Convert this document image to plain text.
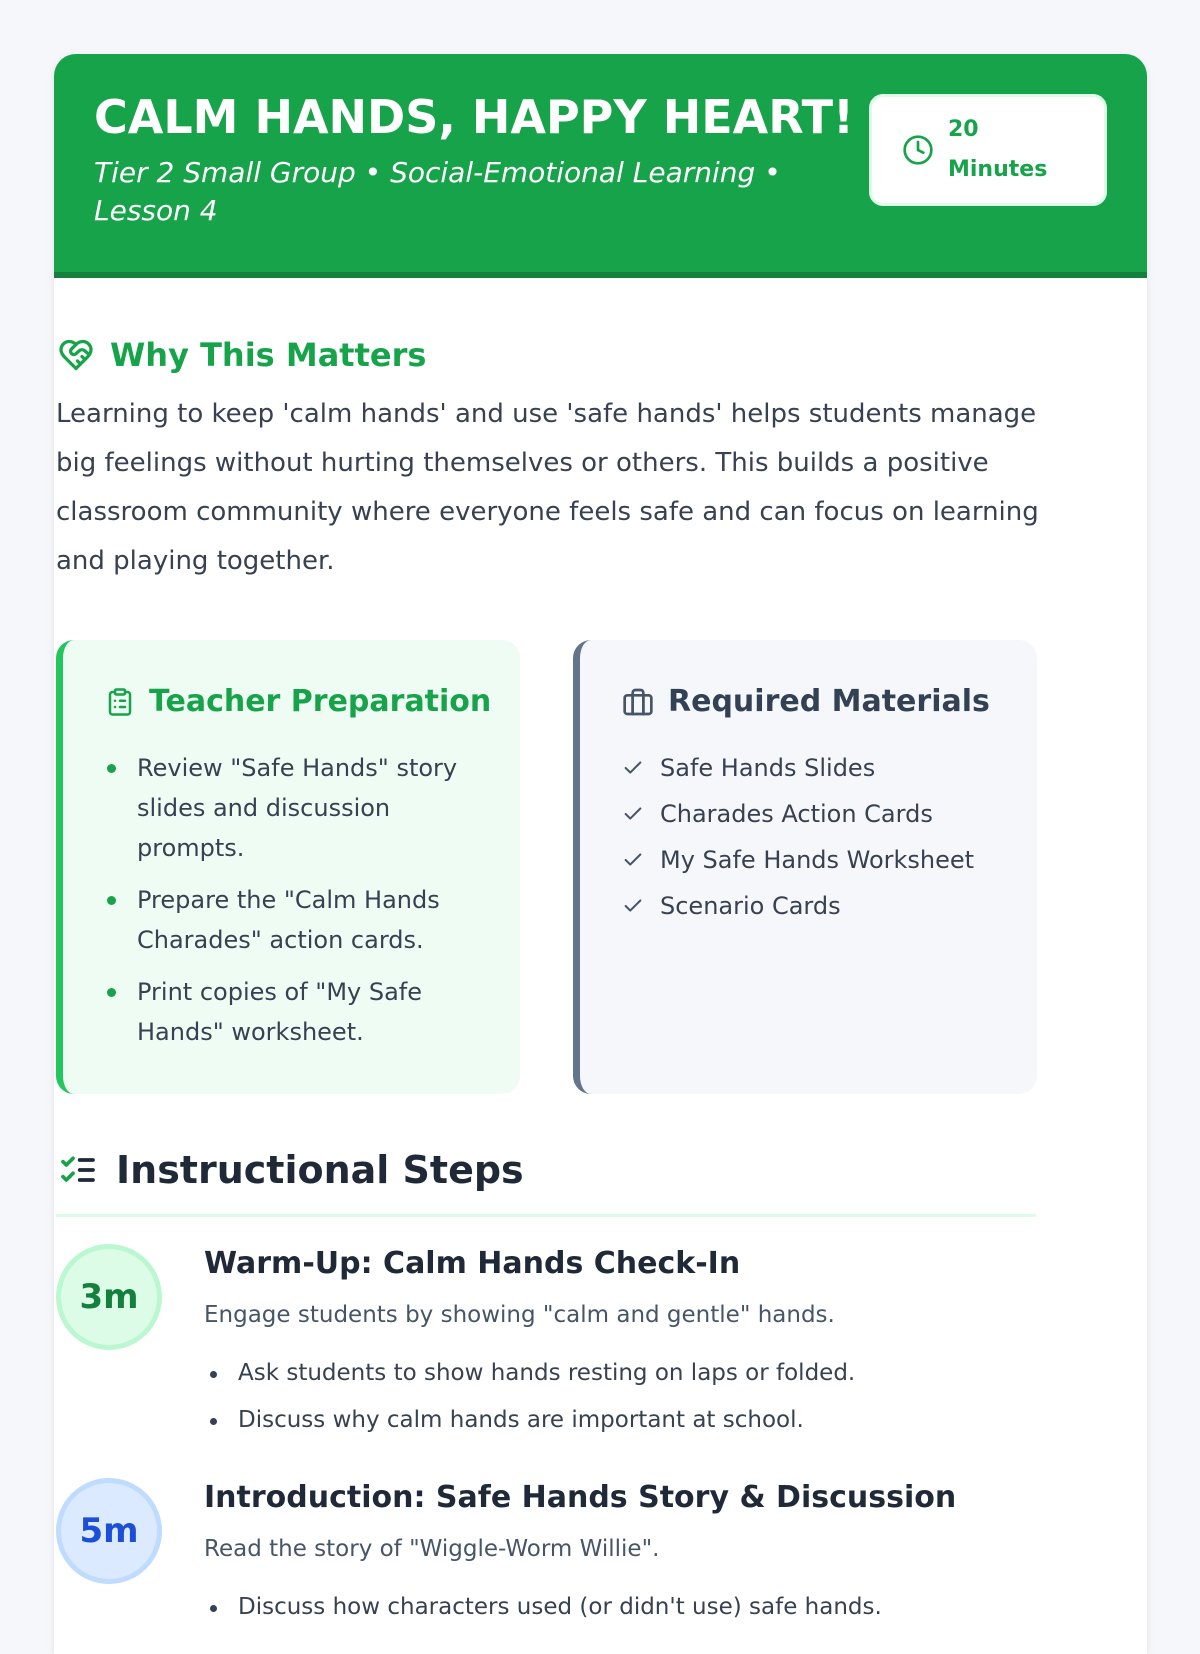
CALM HANDS, HAPPY HEART!
Tier 2 Small Group • Social-Emotional Learning • Lesson 4
20
Minutes
Why This Matters
Learning to keep 'calm hands' and use 'safe hands' helps students manage big feelings without hurting themselves or others. This builds a positive classroom community where everyone feels safe and can focus on learning and playing together.
Teacher Preparation
Review "Safe Hands" story slides and discussion prompts.
Prepare the "Calm Hands Charades" action cards.
Print copies of "My Safe Hands" worksheet.
Required Materials
Safe Hands Slides
Charades Action Cards
My Safe Hands Worksheet
Scenario Cards
Instructional Steps
3m
Warm-Up: Calm Hands Check-In
Engage students by showing "calm and gentle" hands.
Ask students to show hands resting on laps or folded.
Discuss why calm hands are important at school.
5m
Introduction: Safe Hands Story & Discussion
Read the story of "Wiggle-Worm Willie".
Discuss how characters used (or didn't use) safe hands.
